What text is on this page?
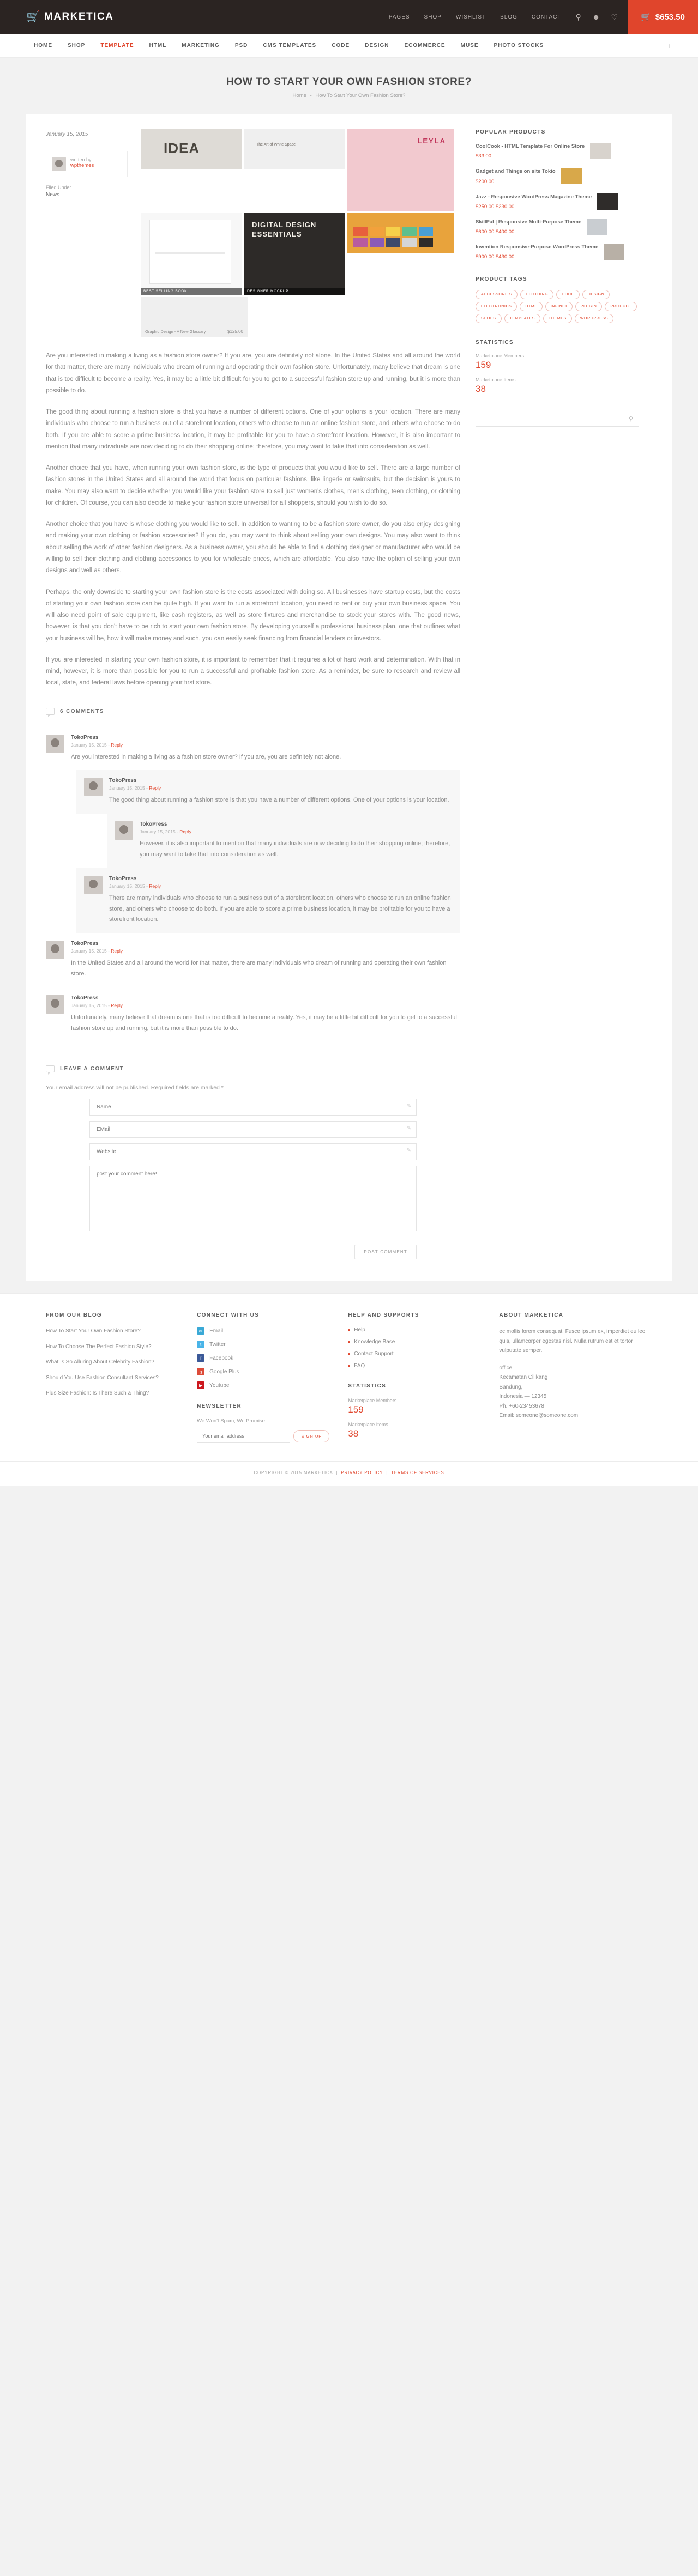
🛒 MARKETICA	PAGES	SHOP	WISHLIST	BLOG	CONTACT ⚲ ☻ ♡	🛒 $653.50
HOME	SHOP	TEMPLATE	HTML	MARKETING	PSD	CMS TEMPLATES	CODE	DESIGN	ECOMMERCE	MUSE	PHOTO STOCKS	+
HOW TO START YOUR OWN FASHION STORE?
Home - How To Start Your Own Fashion Store?
January 15, 2015
written by
wpthemes
Filed Under
News
IDEA	The Art of White Space	LEYLA
BEST SELLING BOOK
DIGITAL DESIGN ESSENTIALS
DESIGNER MOCKUP
Graphic Design - A New Glossary	$125.00

Are you interested in making a living as a fashion store owner? If you are, you are definitely not alone. In the United States and all around the world for that matter, there are many individuals who dream of running and operating their own fashion store. Unfortunately, many believe that dream is one that is too difficult to become a reality. Yes, it may be a little bit difficult for you to get to a successful fashion store up and running, but it is more than possible to do.

The good thing about running a fashion store is that you have a number of different options. One of your options is your location. There are many individuals who choose to run a business out of a storefront location, others who choose to run an online fashion store, and others who choose to do both. If you are able to score a prime business location, it may be profitable for you to have a storefront location. However, it is also important to mention that many individuals are now deciding to do their shopping online; therefore, you may want to take that into consideration as well.

Another choice that you have, when running your own fashion store, is the type of products that you would like to sell. There are a large number of fashion stores in the United States and all around the world that focus on particular fashions, like lingerie or swimsuits, but the decision is yours to make. You may also want to decide whether you would like your fashion store to sell just women's clothes, men's clothing, teen clothing, or clothing for children. Of course, you can also decide to make your fashion store universal for all shoppers, should you wish to do so.

Another choice that you have is whose clothing you would like to sell. In addition to wanting to be a fashion store owner, do you also enjoy designing and making your own clothing or fashion accessories? If you do, you may want to think about selling your own designs. You may also want to think about selling the work of other fashion designers. As a business owner, you should be able to find a clothing designer or manufacturer who would be willing to sell their clothing and clothing accessories to you for wholesale prices, which are affordable. You also have the option of selling your own designs and well as others.

Perhaps, the only downside to starting your own fashion store is the costs associated with doing so. All businesses have startup costs, but the costs of starting your own fashion store can be quite high. If you want to run a storefront location, you need to rent or buy your own business space. You will also need point of sale equipment, like cash registers, as well as store fixtures and merchandise to stock your stores with. The good news, however, is that you don't have to be rich to start your own fashion store. By developing yourself a professional business plan, one that outlines what your business will be, how it will make money and such, you can easily seek financing from financial lenders or investors.

If you are interested in starting your own fashion store, it is important to remember that it requires a lot of hard work and determination. With that in mind, however, it is more than possible for you to run a successful and profitable fashion store. As a reminder, be sure to research and review all local, state, and federal laws before opening your first store.

6 COMMENTS
TokoPress
January 15, 2015 - Reply
Are you interested in making a living as a fashion store owner? If you are, you are definitely not alone.
TokoPress
January 15, 2015 - Reply
The good thing about running a fashion store is that you have a number of different options. One of your options is your location.
TokoPress
January 15, 2015 - Reply
However, it is also important to mention that many individuals are now deciding to do their shopping online; therefore, you may want to take that into consideration as well.
TokoPress
January 15, 2015 - Reply
There are many individuals who choose to run a business out of a storefront location, others who choose to run an online fashion store, and others who choose to do both. If you are able to score a prime business location, it may be profitable for you to have a storefront location.
TokoPress
January 15, 2015 - Reply
In the United States and all around the world for that matter, there are many individuals who dream of running and operating their own fashion store.
TokoPress
January 15, 2015 - Reply
Unfortunately, many believe that dream is one that is too difficult to become a reality. Yes, it may be a little bit difficult for you to get to a successful fashion store up and running, but it is more than possible to do.
LEAVE A COMMENT
Your email address will not be published. Required fields are marked *
Name
✎
EMail
✎
Website
✎
post your comment here!
POST COMMENT
POPULAR PRODUCTS
CoolCook - HTML Template For Online Store
$33.00
Gadget and Things on site Tokio
$200.00
Jazz - Responsive WordPress Magazine Theme
$250.00 $230.00
SkillPal | Responsive Multi-Purpose Theme
$600.00 $400.00
Invention Responsive-Purpose WordPress Theme
$900.00 $430.00
PRODUCT TAGS
ACCESSORIES	CLOTHING	CODE	DESIGN
ELECTRONICS	HTML	INFINIO	PLUGIN	PRODUCT
SHOES	TEMPLATES	THEMES	WORDPRESS
STATISTICS
Marketplace Members
159
Marketplace Items
38
⚲
FROM OUR BLOG
How To Start Your Own Fashion Store?
How To Choose The Perfect Fashion Style?
What Is So Alluring About Celebrity Fashion?
Should You Use Fashion Consultant Services?
Plus Size Fashion: Is There Such a Thing?
CONNECT WITH US
✉	Email
t	Twitter
f	Facebook
g	Google Plus
▶	Youtube
NEWSLETTER
We Won't Spam, We Promise
Your email address
SIGN UP
HELP AND SUPPORTS
Help
Knowledge Base
Contact Support
FAQ
STATISTICS
Marketplace Members
159
Marketplace Items
38
ABOUT MARKETICA

ec mollis lorem consequat. Fusce ipsum ex, imperdiet eu leo quis, ullamcorper egestas nisl. Nulla rutrum est et tortor vulputate semper.

office:
Kecamatan Cilikang
Bandung,
Indonesia — 12345
Ph. +60-23453678
Email: someone@someone.com
COPYRIGHT © 2015 MARKETICA  |  PRIVACY POLICY  |  TERMS OF SERVICES
